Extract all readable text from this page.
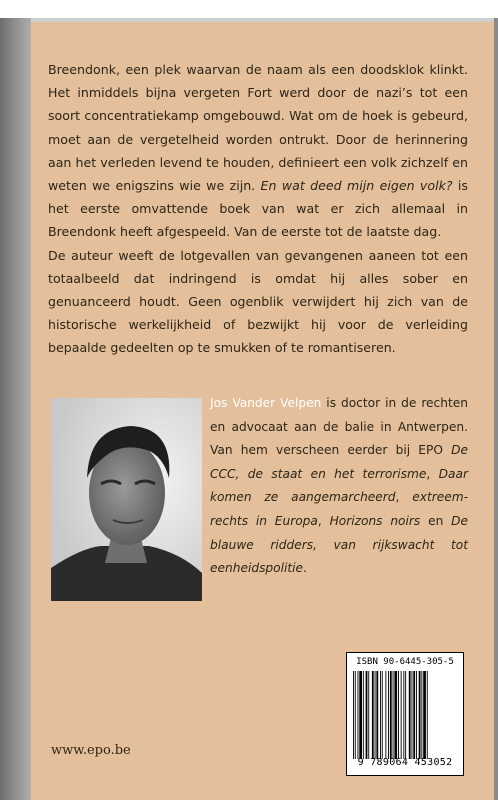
Breendonk, een plek waarvan de naam als een doodsklok klinkt. Het inmiddels bijna vergeten Fort werd door de nazi’s tot een soort concentratiekamp omgebouwd. Wat om de hoek is gebeurd, moet aan de vergetelheid worden ontrukt. Door de herinnering aan het verleden levend te houden, definieert een volk zichzelf en weten we enigszins wie we zijn. En wat deed mijn eigen volk? is het eerste omvattende boek van wat er zich allemaal in Breendonk heeft afgespeeld. Van de eerste tot de laatste dag.

De auteur weeft de lotgevallen van gevangenen aaneen tot een totaalbeeld dat indringend is omdat hij alles sober en genuanceerd houdt. Geen ogenblik verwijdert hij zich van de historische werkelijkheid of bezwijkt hij voor de verleiding bepaalde gedeelten op te smukken of te romantiseren.

Jos Vander Velpen is doctor in de rechten en advocaat aan de balie in Antwerpen. Van hem verscheen eerder bij EPO De CCC, de staat en het terrorisme, Daar komen ze aangemarcheerd, extreem-rechts in Europa, Horizons noirs en De blauwe ridders, van rijkswacht tot eenheidspolitie.
ISBN 90-6445-305-5
9 789064 453052
www.epo.be
